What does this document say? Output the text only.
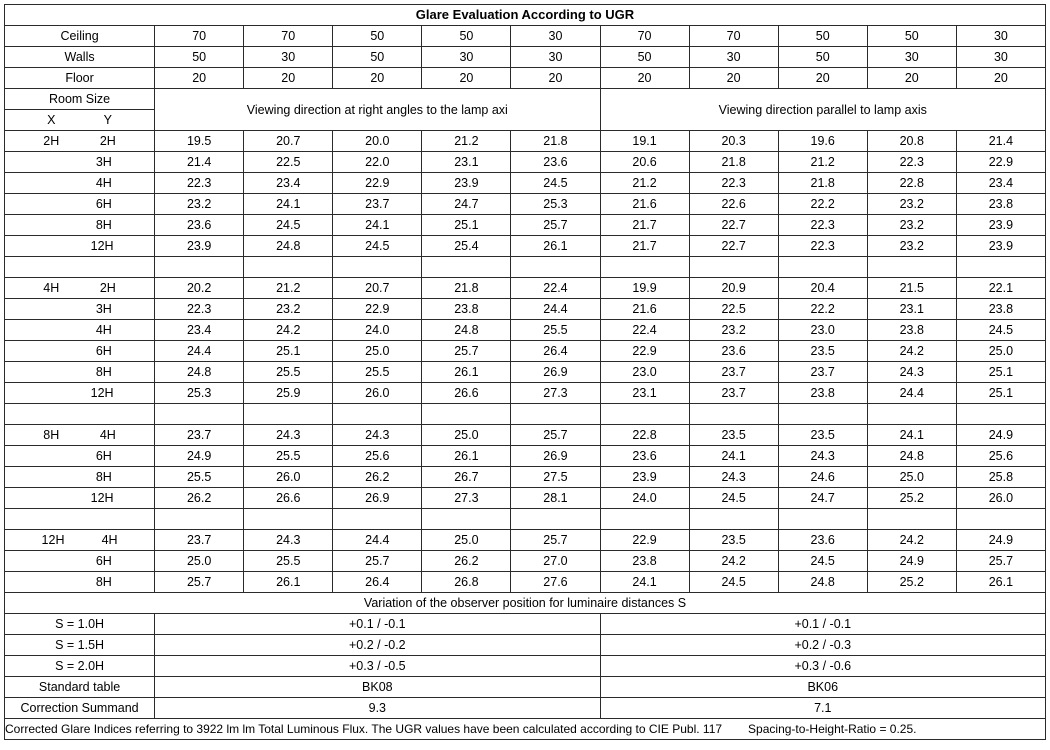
Glare Evaluation According to UGR										
Ceiling	70	70	50	50	30	70	70	50	50	30
Walls	50	30	50	30	30	50	30	50	30	30
Floor	20	20	20	20	20	20	20	20	20	20
Room Size	Viewing direction at right angles to the lamp axi					Viewing direction parallel to lamp axis				

X Y										

2H 2H	19.5	20.7	20.0	21.2	21.8	19.1	20.3	19.6	20.8	21.4

3H	21.4	22.5	22.0	23.1	23.6	20.6	21.8	21.2	22.3	22.9

4H	22.3	23.4	22.9	23.9	24.5	21.2	22.3	21.8	22.8	23.4

6H	23.2	24.1	23.7	24.7	25.3	21.6	22.6	22.2	23.2	23.8

8H	23.6	24.5	24.1	25.1	25.7	21.7	22.7	22.3	23.2	23.9

12H	23.9	24.8	24.5	25.4	26.1	21.7	22.7	22.3	23.2	23.9

4H 2H	20.2	21.2	20.7	21.8	22.4	19.9	20.9	20.4	21.5	22.1

3H	22.3	23.2	22.9	23.8	24.4	21.6	22.5	22.2	23.1	23.8

4H	23.4	24.2	24.0	24.8	25.5	22.4	23.2	23.0	23.8	24.5

6H	24.4	25.1	25.0	25.7	26.4	22.9	23.6	23.5	24.2	25.0

8H	24.8	25.5	25.5	26.1	26.9	23.0	23.7	23.7	24.3	25.1

12H	25.3	25.9	26.0	26.6	27.3	23.1	23.7	23.8	24.4	25.1

8H 4H	23.7	24.3	24.3	25.0	25.7	22.8	23.5	23.5	24.1	24.9

6H	24.9	25.5	25.6	26.1	26.9	23.6	24.1	24.3	24.8	25.6

8H	25.5	26.0	26.2	26.7	27.5	23.9	24.3	24.6	25.0	25.8

12H	26.2	26.6	26.9	27.3	28.1	24.0	24.5	24.7	25.2	26.0

12H 4H	23.7	24.3	24.4	25.0	25.7	22.9	23.5	23.6	24.2	24.9

6H	25.0	25.5	25.7	26.2	27.0	23.8	24.2	24.5	24.9	25.7

8H	25.7	26.1	26.4	26.8	27.6	24.1	24.5	24.8	25.2	26.1
Variation of the observer position for luminaire distances S										
S = 1.0H	+0.1 / -0.1					+0.1 / -0.1				
S = 1.5H	+0.2 / -0.2					+0.2 / -0.3				
S = 2.0H	+0.3 / -0.5					+0.3 / -0.6				
Standard table	BK08					BK06				
Correction Summand	9.3					7.1				

Corrected Glare Indices referring to 3922 lm lm Total Luminous Flux. The UGR values have been calculated according to CIE Publ. 117 Spacing-to-Height-Ratio = 0.25.										
